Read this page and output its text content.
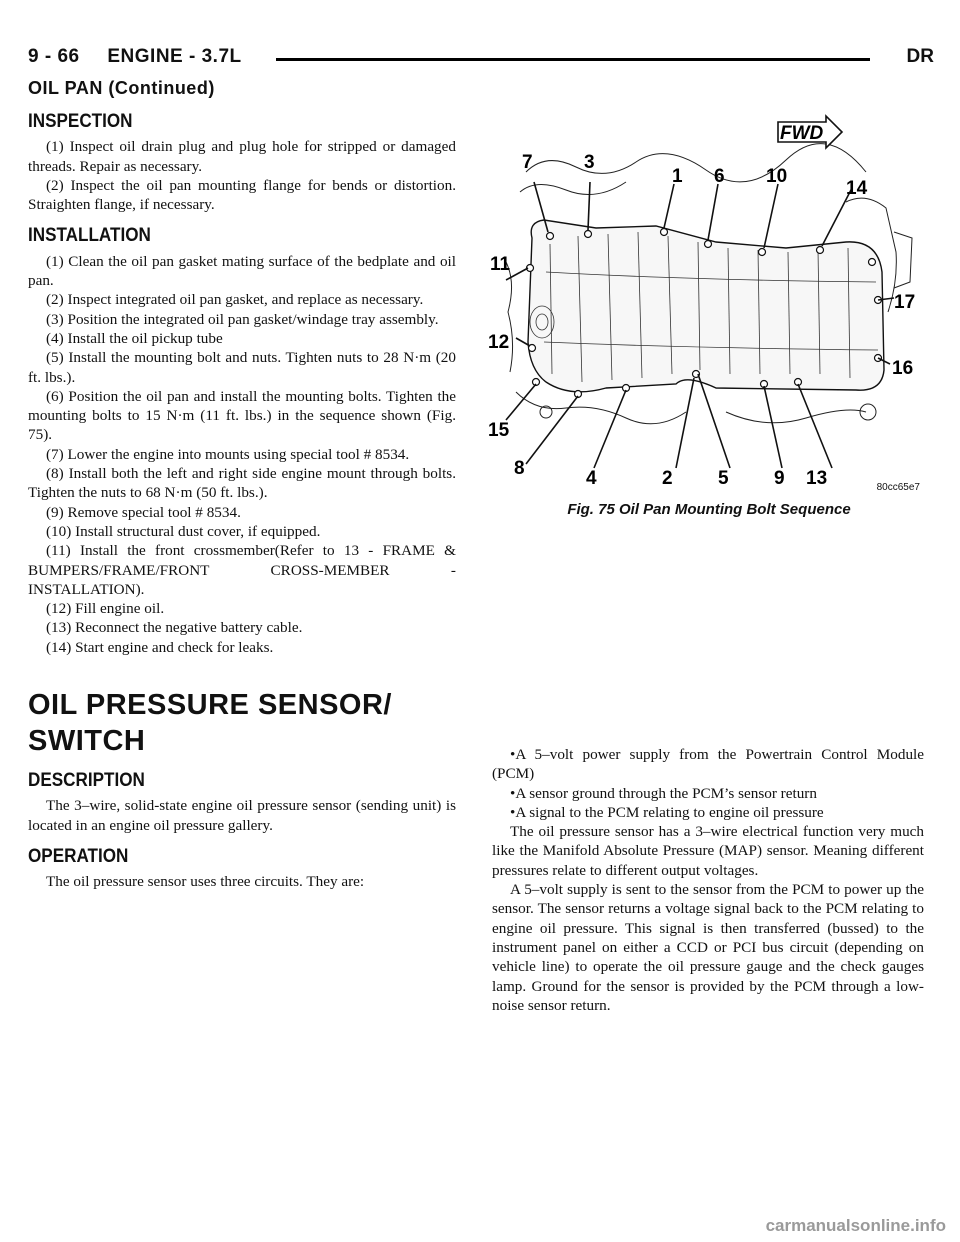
9 - 66 ENGINE - 3.7L	DR
OIL PAN (Continued)
INSPECTION

(1) Inspect oil drain plug and plug hole for stripped or damaged threads. Repair as necessary.

(2) Inspect the oil pan mounting flange for bends or distortion. Straighten flange, if necessary.

INSTALLATION

(1) Clean the oil pan gasket mating surface of the bedplate and oil pan.

(2) Inspect integrated oil pan gasket, and replace as necessary.

(3) Position the integrated oil pan gasket/windage tray assembly.

(4) Install the oil pickup tube

(5) Install the mounting bolt and nuts. Tighten nuts to 28 N·m (20 ft. lbs.).

(6) Position the oil pan and install the mounting bolts. Tighten the mounting bolts to 15 N·m (11 ft. lbs.) in the sequence shown (Fig. 75).

(7) Lower the engine into mounts using special tool # 8534.

(8) Install both the left and right side engine mount through bolts. Tighten the nuts to 68 N·m (50 ft. lbs.).

(9) Remove special tool # 8534.

(10) Install structural dust cover, if equipped.

(11) Install the front crossmember(Refer to 13 - FRAME & BUMPERS/FRAME/FRONT CROSS-MEMBER - INSTALLATION).

(12) Fill engine oil.

(13) Reconnect the negative battery cable.

(14) Start engine and check for leaks.

OIL PRESSURE SENSOR/ SWITCH
DESCRIPTION

The 3–wire, solid-state engine oil pressure sensor (sending unit) is located in an engine oil pressure gallery.

OPERATION

The oil pressure sensor uses three circuits. They are:

FWD
7	3
1 6 10
14
11
17
12
16
15
8	4	2 5 9 13	80cc65e7
Fig. 75 Oil Pan Mounting Bolt Sequence

•A 5–volt power supply from the Powertrain Control Module (PCM)

•A sensor ground through the PCM’s sensor return

•A signal to the PCM relating to engine oil pressure

The oil pressure sensor has a 3–wire electrical function very much like the Manifold Absolute Pressure (MAP) sensor. Meaning different pressures relate to different output voltages.

A 5–volt supply is sent to the sensor from the PCM to power up the sensor. The sensor returns a voltage signal back to the PCM relating to engine oil pressure. This signal is then transferred (bussed) to the instrument panel on either a CCD or PCI bus circuit (depending on vehicle line) to operate the oil pressure gauge and the check gauges lamp. Ground for the sensor is provided by the PCM through a low-noise sensor return.

carmanualsonline.info
